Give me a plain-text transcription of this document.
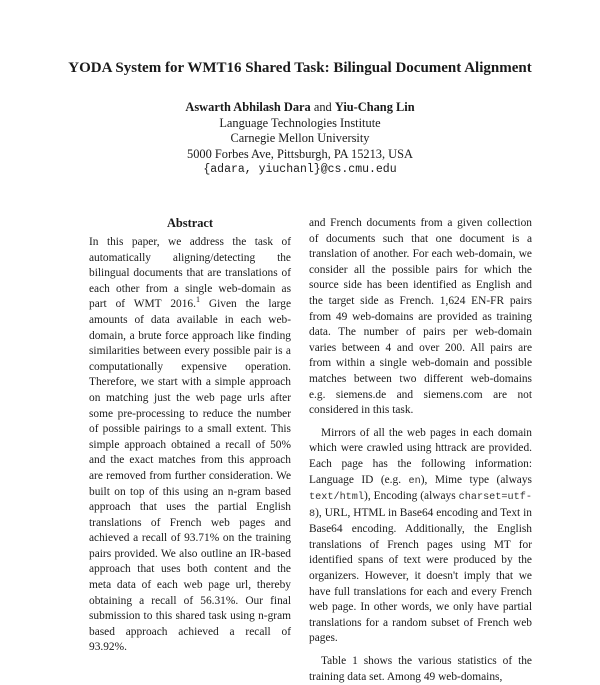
YODA System for WMT16 Shared Task: Bilingual Document Alignment
Aswarth Abhilash Dara and Yiu-Chang Lin
Language Technologies Institute
Carnegie Mellon University
5000 Forbes Ave, Pittsburgh, PA 15213, USA
{adara, yiuchanl}@cs.cmu.edu
Abstract

In this paper, we address the task of automatically aligning/detecting the bilingual documents that are translations of each other from a single web-domain as part of WMT 2016.$^1$ Given the large amounts of data available in each web-domain, a brute force approach like finding similarities between every possible pair is a computationally expensive operation. Therefore, we start with a simple approach on matching just the web page urls after some pre-processing to reduce the number of possible pairings to a small extent. This simple approach obtained a recall of 50% and the exact matches from this approach are removed from further consideration. We built on top of this using an n-gram based approach that uses the partial English translations of French web pages and achieved a recall of 93.71% on the training pairs provided. We also outline an IR-based approach that uses both content and the meta data of each web page url, thereby obtaining a recall of 56.31%. Our final submission to this shared task using n-gram based approach achieved a recall of 93.92%.

and French documents from a given collection of documents such that one document is a translation of another. For each web-domain, we consider all the possible pairs for which the source side has been identified as English and the target side as French. 1,624 EN-FR pairs from 49 web-domains are provided as training data. The number of pairs per web-domain varies between 4 and over 200. All pairs are from within a single web-domain and possible matches between two different web-domains e.g. siemens.de and siemens.com are not considered in this task.

Mirrors of all the web pages in each domain which were crawled using httrack are provided. Each page has the following information: Language ID (e.g. en), Mime type (always text/html), Encoding (always charset=utf-8), URL, HTML in Base64 encoding and Text in Base64 encoding. Additionally, the English translations of French pages using MT for identified spans of text were produced by the organizers. However, it doesn't imply that we have full translations for each and every French web page. In other words, we only have partial translations for a random subset of French web pages.

Table 1 shows the various statistics of the training data set. Among 49 web-domains,
